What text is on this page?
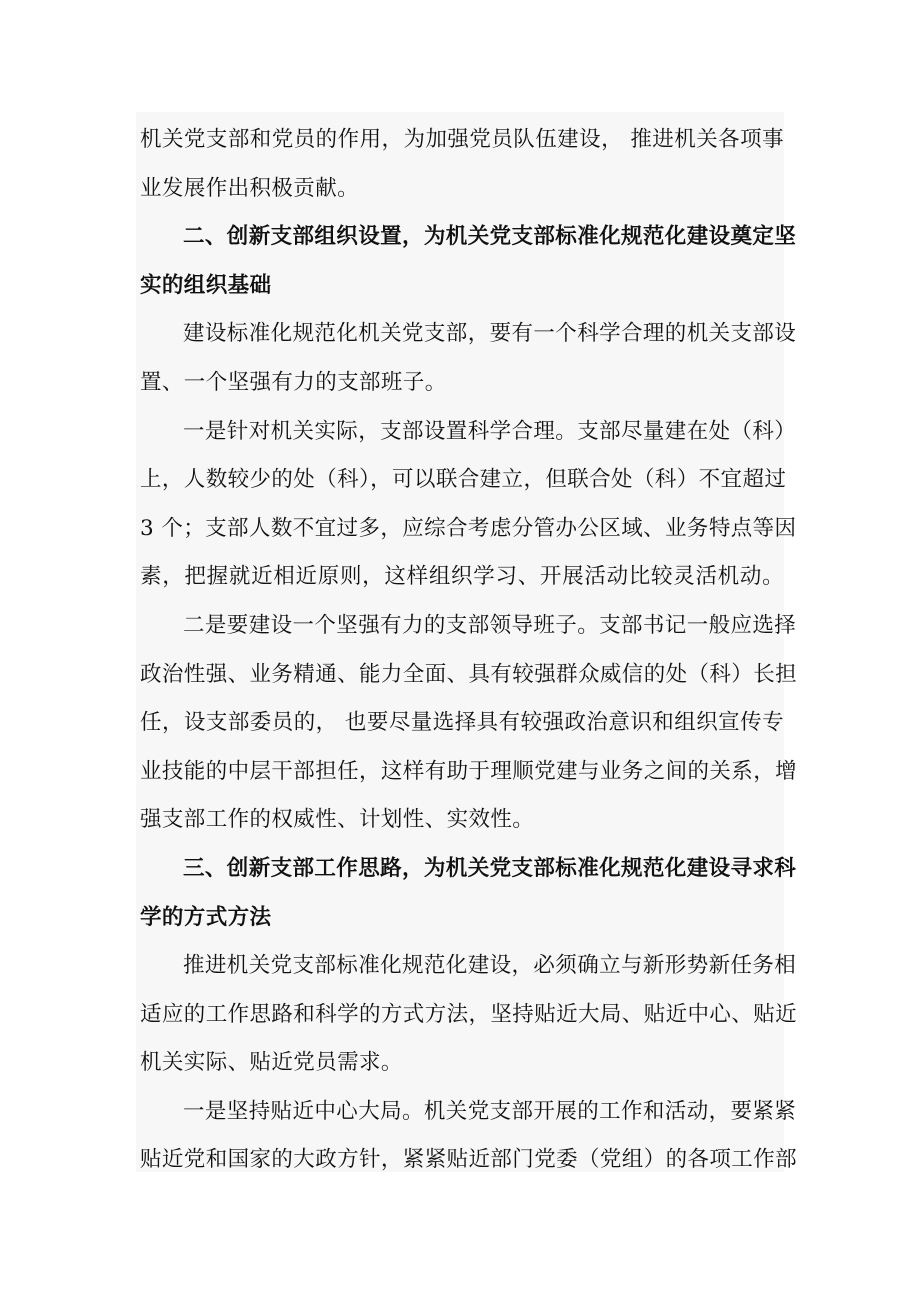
机关党支部和党员的作用，为加强党员队伍建设， 推进机关各项事
业发展作出积极贡献。
二、创新支部组织设置，为机关党支部标准化规范化建设奠定坚
实的组织基础
建设标准化规范化机关党支部，要有一个科学合理的机关支部设
置、一个坚强有力的支部班子。
一是针对机关实际，支部设置科学合理。支部尽量建在处（科）
上，人数较少的处（科），可以联合建立，但联合处（科）不宜超过
3 个；支部人数不宜过多，应综合考虑分管办公区域、业务特点等因
素，把握就近相近原则，这样组织学习、开展活动比较灵活机动。
二是要建设一个坚强有力的支部领导班子。支部书记一般应选择
政治性强、业务精通、能力全面、具有较强群众威信的处（科）长担
任，设支部委员的， 也要尽量选择具有较强政治意识和组织宣传专
业技能的中层干部担任，这样有助于理顺党建与业务之间的关系，增
强支部工作的权威性、计划性、实效性。
三、创新支部工作思路，为机关党支部标准化规范化建设寻求科
学的方式方法
推进机关党支部标准化规范化建设，必须确立与新形势新任务相
适应的工作思路和科学的方式方法，坚持贴近大局、贴近中心、贴近
机关实际、贴近党员需求。
一是坚持贴近中心大局。机关党支部开展的工作和活动，要紧紧
贴近党和国家的大政方针，紧紧贴近部门党委（党组）的各项工作部
